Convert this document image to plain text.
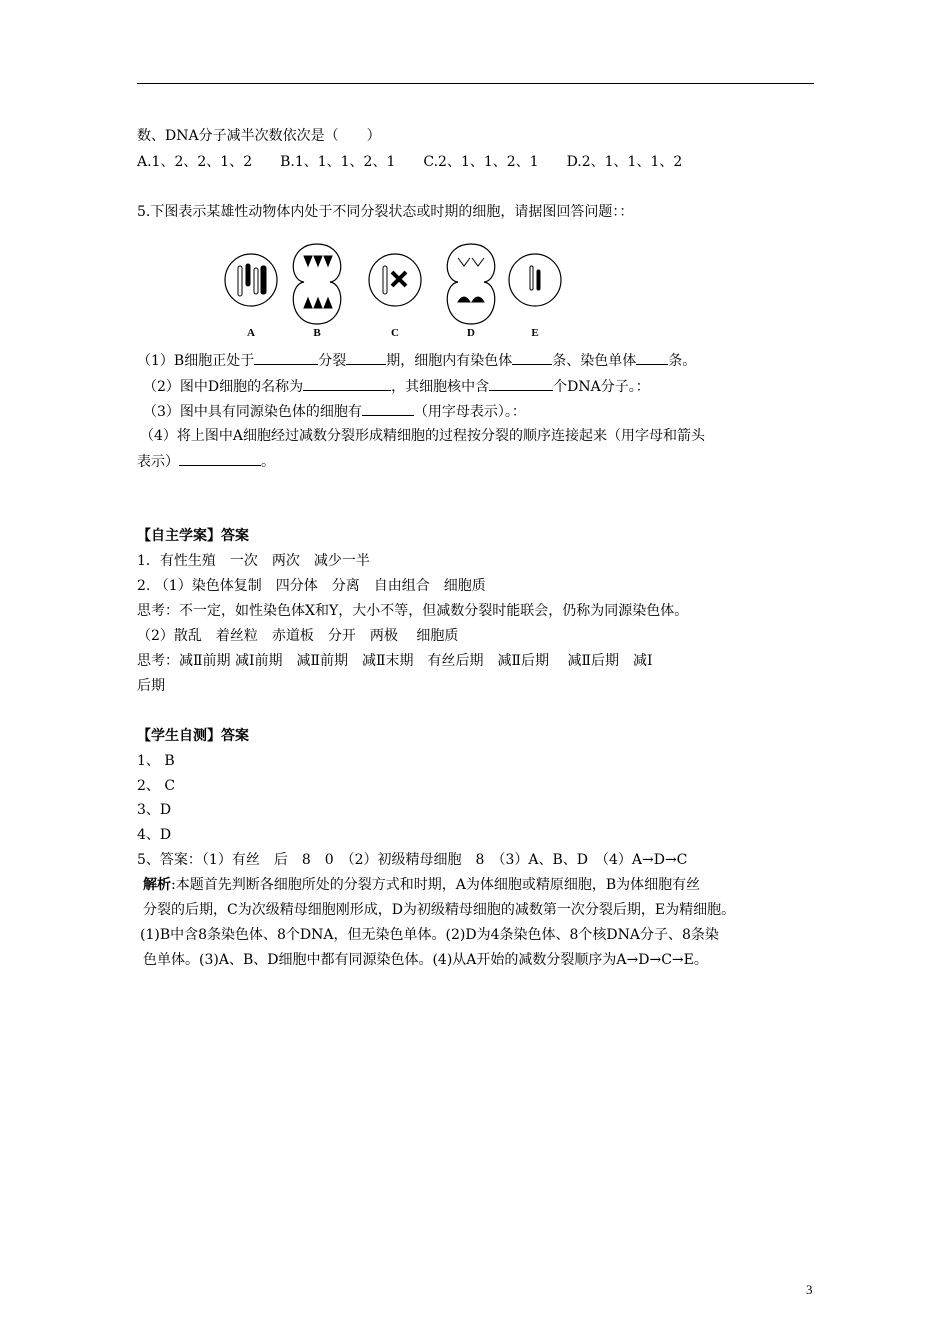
数、DNA分子减半次数依次是（　　）
A.1、2、2、1、2　　B.1、1、1、2、1　　C.2、1、1、2、1　　D.2、1、1、1、2
5.下图表示某雄性动物体内处于不同分裂状态或时期的细胞，请据图回答问题：：
A	B	C	D	E
（1）B细胞正处于	分裂	期，细胞内有染色体	条、染色单体 条。
（2）图中D细胞的名称为	，其细胞核中含	个DNA分子。：
（3）图中具有同源染色体的细胞有	（用字母表示）。：
（4）将上图中A细胞经过减数分裂形成精细胞的过程按分裂的顺序连接起来（用字母和箭头
表示）	。
【自主学案】答案
1．有性生殖　一次　两次　减少一半
2. （1）染色体复制　四分体　分离　自由组合　细胞质
思考：不一定，如性染色体X和Y，大小不等，但减数分裂时能联会，仍称为同源染色体。
（2）散乱　着丝粒　赤道板　分开　两极　 细胞质
思考：减Ⅱ前期 减Ⅰ前期　减Ⅱ前期　减Ⅱ末期　有丝后期　减Ⅱ后期　 减Ⅱ后期　减Ⅰ
后期
【学生自测】答案
1、 B
2、 C
3、D
4、D
5、答案：（1）有丝　后　8　0　（2）初级精母细胞　8　（3）A、B、D　（4）A→D→C
解析:本题首先判断各细胞所处的分裂方式和时期，A为体细胞或精原细胞，B为体细胞有丝
分裂的后期，C为次级精母细胞刚形成，D为初级精母细胞的减数第一次分裂后期，E为精细胞。
(1)B中含8条染色体、8个DNA，但无染色单体。(2)D为4条染色体、8个核DNA分子、8条染
色单体。(3)A、B、D细胞中都有同源染色体。(4)从A开始的减数分裂顺序为A→D→C→E。
3
